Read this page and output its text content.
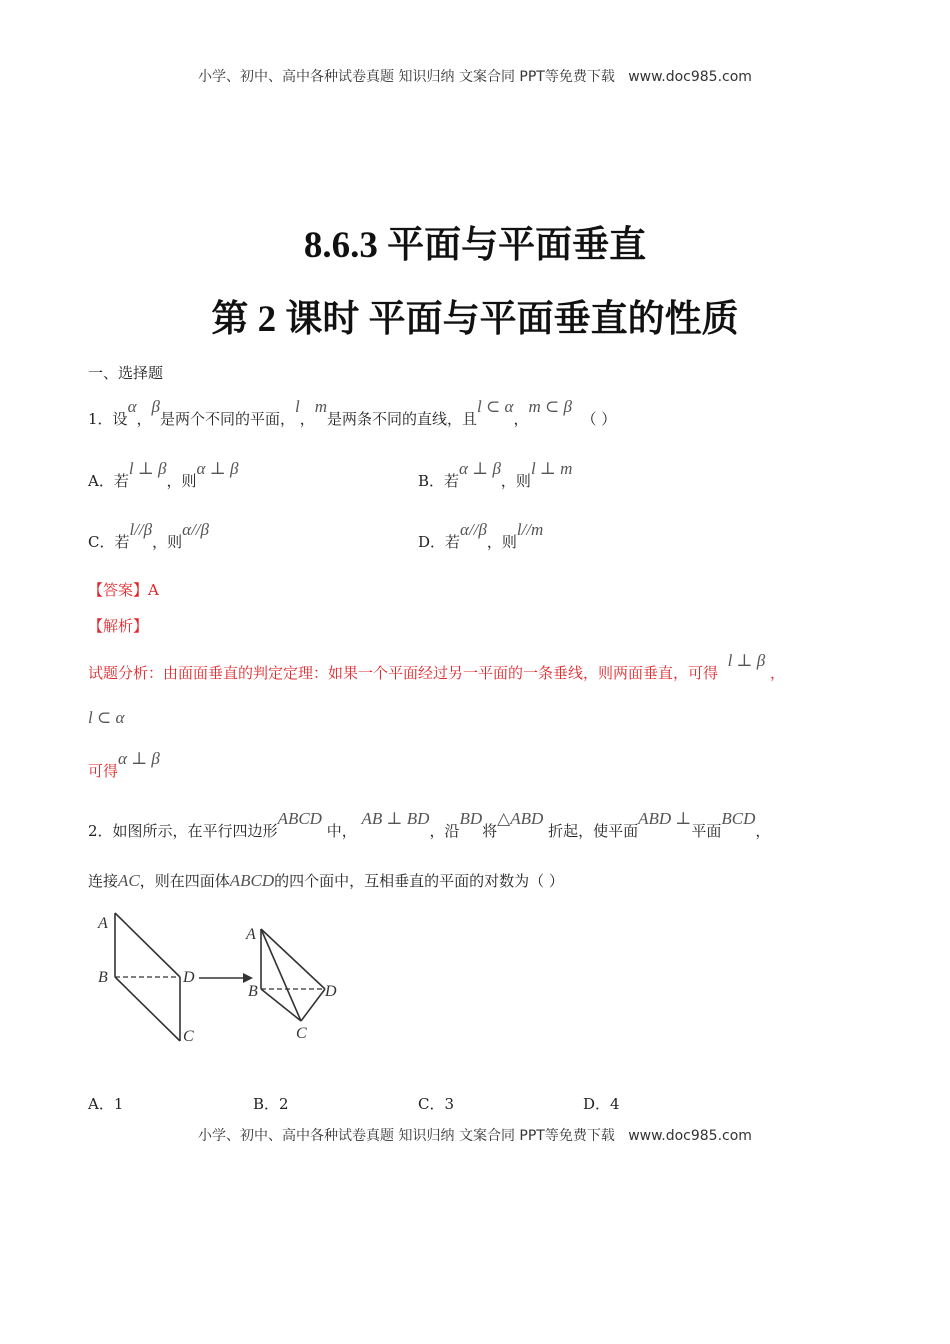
小学、初中、高中各种试卷真题 知识归纳 文案合同 PPT等免费下载 www.doc985.com
8.6.3 平面与平面垂直
第 2 课时 平面与平面垂直的性质
一、选择题
1．设α，β是两个不同的平面，l，m是两条不同的直线，且l ⊂ α，m ⊂ β  （ ）
A．若l ⊥ β，则α ⊥ β
B．若α ⊥ β，则l ⊥ m
C．若l//β，则α//β
D．若α//β，则l//m
【答案】A
【解析】
试题分析：由面面垂直的判定定理：如果一个平面经过另一平面的一条垂线，则两面垂直，可得  l ⊥ β ，
l ⊂ α
可得α ⊥ β
2．如图所示，在平行四边形ABCD 中， AB ⊥ BD，沿BD将△ABD 折起，使平面ABD ⊥平面BCD，
连接AC，则在四面体ABCD的四个面中，互相垂直的平面的对数为（ ）
A
B	D
C
A
B	D
C
A．1	B．2	C．3	D．4
小学、初中、高中各种试卷真题 知识归纳 文案合同 PPT等免费下载 www.doc985.com
